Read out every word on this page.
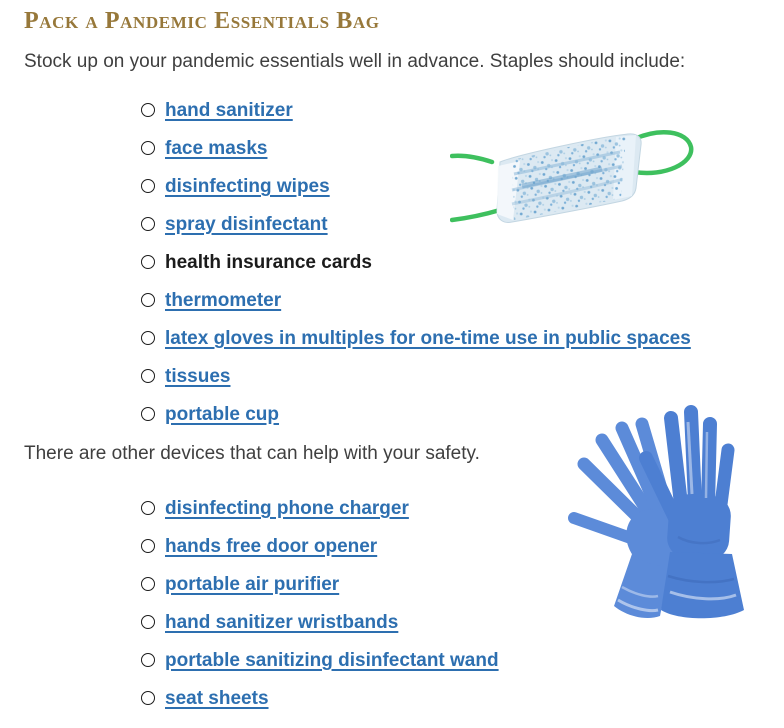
Pack a Pandemic Essentials Bag

Stock up on your pandemic essentials well in advance. Staples should include:

hand sanitizer
face masks
disinfecting wipes
spray disinfectant
health insurance cards
thermometer
latex gloves in multiples for one-time use in public spaces
tissues
portable cup

There are other devices that can help with your safety.

disinfecting phone charger
hands free door opener
portable air purifier
hand sanitizer wristbands
portable sanitizing disinfectant wand
seat sheets
